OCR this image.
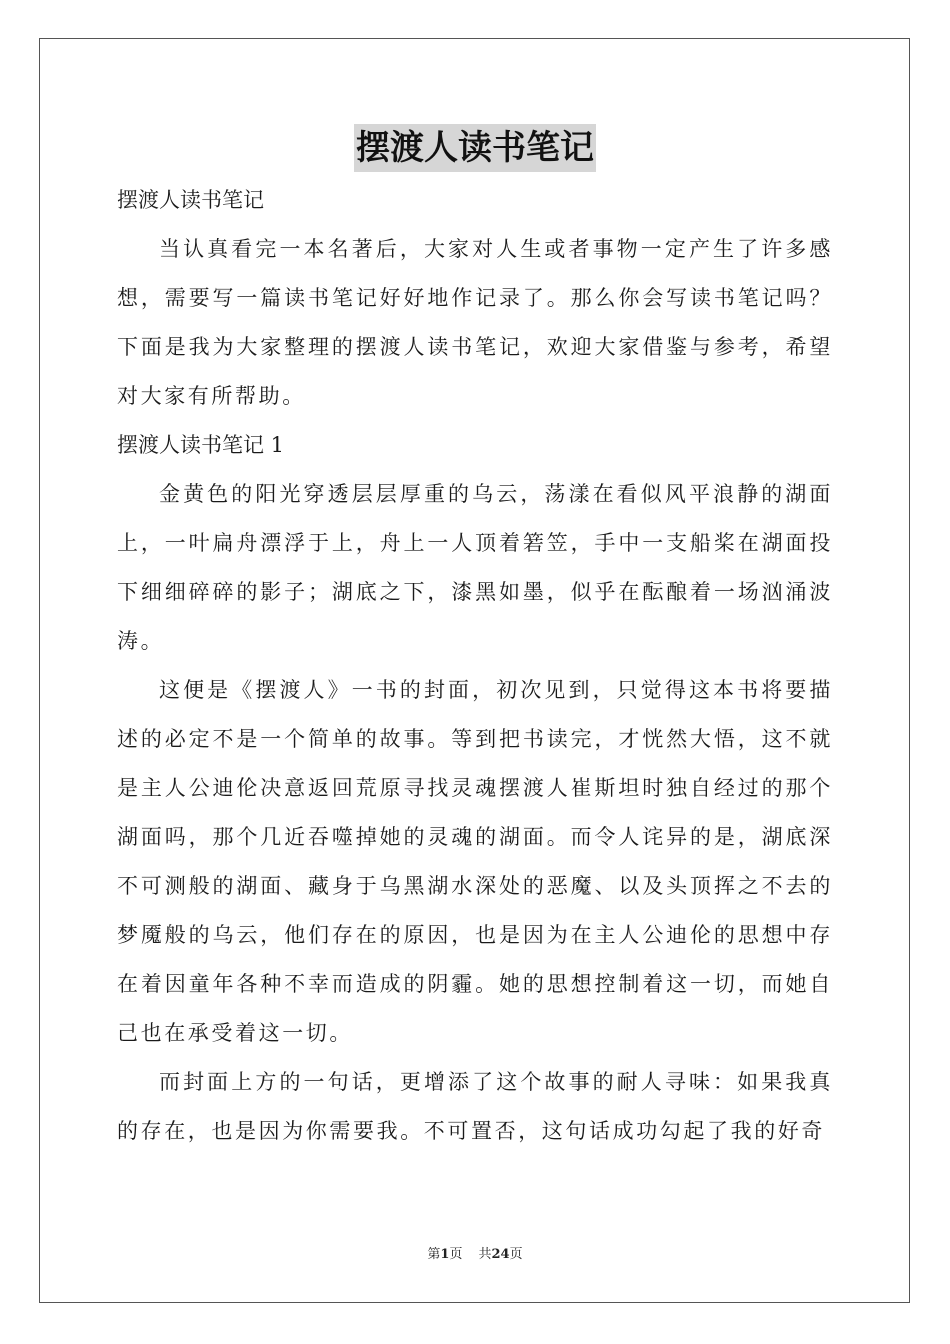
摆渡人读书笔记

摆渡人读书笔记

当认真看完一本名著后，大家对人生或者事物一定产生了许多感想，需要写一篇读书笔记好好地作记录了。那么你会写读书笔记吗？下面是我为大家整理的摆渡人读书笔记，欢迎大家借鉴与参考，希望对大家有所帮助。

摆渡人读书笔记 1

金黄色的阳光穿透层层厚重的乌云，荡漾在看似风平浪静的湖面上，一叶扁舟漂浮于上，舟上一人顶着箬笠，手中一支船桨在湖面投下细细碎碎的影子；湖底之下，漆黑如墨，似乎在酝酿着一场汹涌波涛。

这便是《摆渡人》一书的封面，初次见到，只觉得这本书将要描述的必定不是一个简单的故事。等到把书读完，才恍然大悟，这不就是主人公迪伦决意返回荒原寻找灵魂摆渡人崔斯坦时独自经过的那个湖面吗，那个几近吞噬掉她的灵魂的湖面。而令人诧异的是，湖底深不可测般的湖面、藏身于乌黑湖水深处的恶魔、以及头顶挥之不去的梦魇般的乌云，他们存在的原因，也是因为在主人公迪伦的思想中存在着因童年各种不幸而造成的阴霾。她的思想控制着这一切，而她自己也在承受着这一切。

而封面上方的一句话，更增添了这个故事的耐人寻味：如果我真的存在，也是因为你需要我。不可置否，这句话成功勾起了我的好奇

第1页 共24页
